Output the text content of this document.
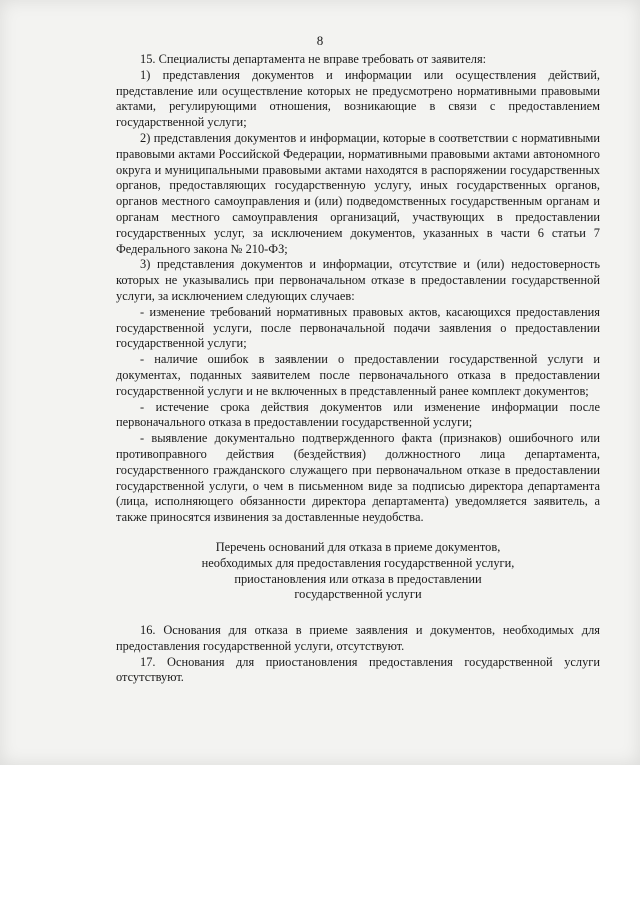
8

15. Специалисты департамента не вправе требовать от заявителя:

1) представления документов и информации или осуществления действий, представление или осуществление которых не предусмотрено нормативными правовыми актами, регулирующими отношения, возникающие в связи с предоставлением государственной услуги;

2) представления документов и информации, которые в соответствии с нормативными правовыми актами Российской Федерации, нормативными правовыми актами автономного округа и муниципальными правовыми актами находятся в распоряжении государственных органов, предоставляющих государственную услугу, иных государственных органов, органов местного самоуправления и (или) подведомственных государственным органам и органам местного самоуправления организаций, участвующих в предоставлении государственных услуг, за исключением документов, указанных в части 6 статьи 7 Федерального закона № 210-ФЗ;

3) представления документов и информации, отсутствие и (или) недостоверность которых не указывались при первоначальном отказе в предоставлении государственной услуги, за исключением следующих случаев:

- изменение требований нормативных правовых актов, касающихся предоставления государственной услуги, после первоначальной подачи заявления о предоставлении государственной услуги;

- наличие ошибок в заявлении о предоставлении государственной услуги и документах, поданных заявителем после первоначального отказа в предоставлении государственной услуги и не включенных в представленный ранее комплект документов;

- истечение срока действия документов или изменение информации после первоначального отказа в предоставлении государственной услуги;

- выявление документально подтвержденного факта (признаков) ошибочного или противоправного действия (бездействия) должностного лица департамента, государственного гражданского служащего при первоначальном отказе в предоставлении государственной услуги, о чем в письменном виде за подписью директора департамента (лица, исполняющего обязанности директора департамента) уведомляется заявитель, а также приносятся извинения за доставленные неудобства.

Перечень оснований для отказа в приеме документов,

необходимых для предоставления государственной услуги,

приостановления или отказа в предоставлении

государственной услуги

16. Основания для отказа в приеме заявления и документов, необходимых для предоставления государственной услуги, отсутствуют.

17. Основания для приостановления предоставления государственной услуги отсутствуют.
